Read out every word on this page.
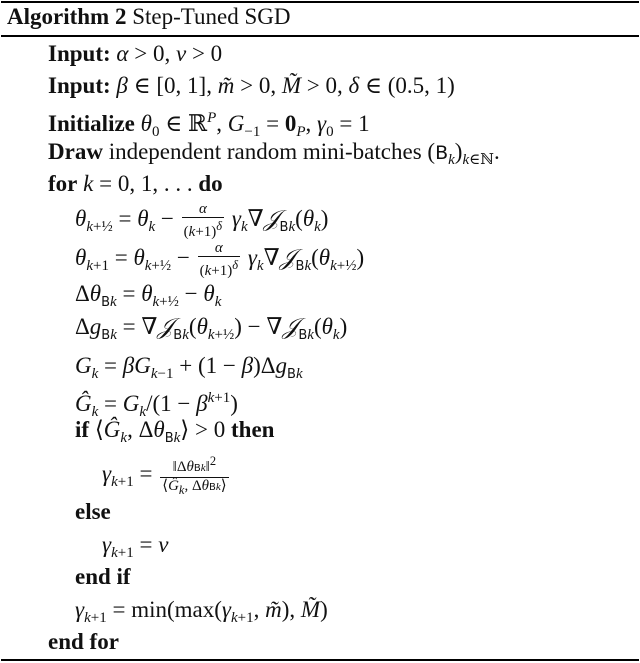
Algorithm 2 Step-Tuned SGD
Input: α > 0, ν > 0
Input: β ∈ [0, 1], m̃ > 0, M̃ > 0, δ ∈ (0.5, 1)
Initialize $\theta_0$ ∈ ℝ$^P$, $G_{-1} = 0_P$, $\gamma_0 = 1$
Draw independent random mini-batches $(B_k)_{k\in ℕ}$.
for k = 0, 1, . . . do
$\theta_{k+\frac{1}{2}} = \theta_k - \frac{\alpha}{(k+1)^\delta}$ $\gamma_k\nabla 𝒥_{Bk}(\theta_k)$
$\theta_{k+1} = \theta_{k+\frac{1}{2}} - \frac{\alpha}{(k+1)^\delta}$ $\gamma_k\nabla 𝒥_{Bk}(\theta_{k+\frac{1}{2}})$
$\Delta\theta_{Bk} = \theta_{k+\frac{1}{2}} - \theta_k$
$\Delta g_{Bk}$ = $\nabla 𝒥_{Bk}(\theta_{k+\frac{1}{2}})$ − $\nabla 𝒥_{Bk}(\theta_k)$
$G_k = \beta G_{k-1} + (1 - \beta)\Delta g_{Bk}$
$Ĝ_k = G_k/(1 - \beta^{k+1})$
if $⟨Ĝ_k$, $\Delta\theta_{Bk}⟩ > 0$ then
$\gamma_{k+1} = \frac{‖\Delta\theta Bk‖^2}{⟨Ĝ_k, \Delta\theta Bk⟩}$
else
$\gamma_{k+1} = \nu$
end if
$\gamma_{k+1} = \min(\max(\gamma_{k+1}$, m̃), M̃)
end for
